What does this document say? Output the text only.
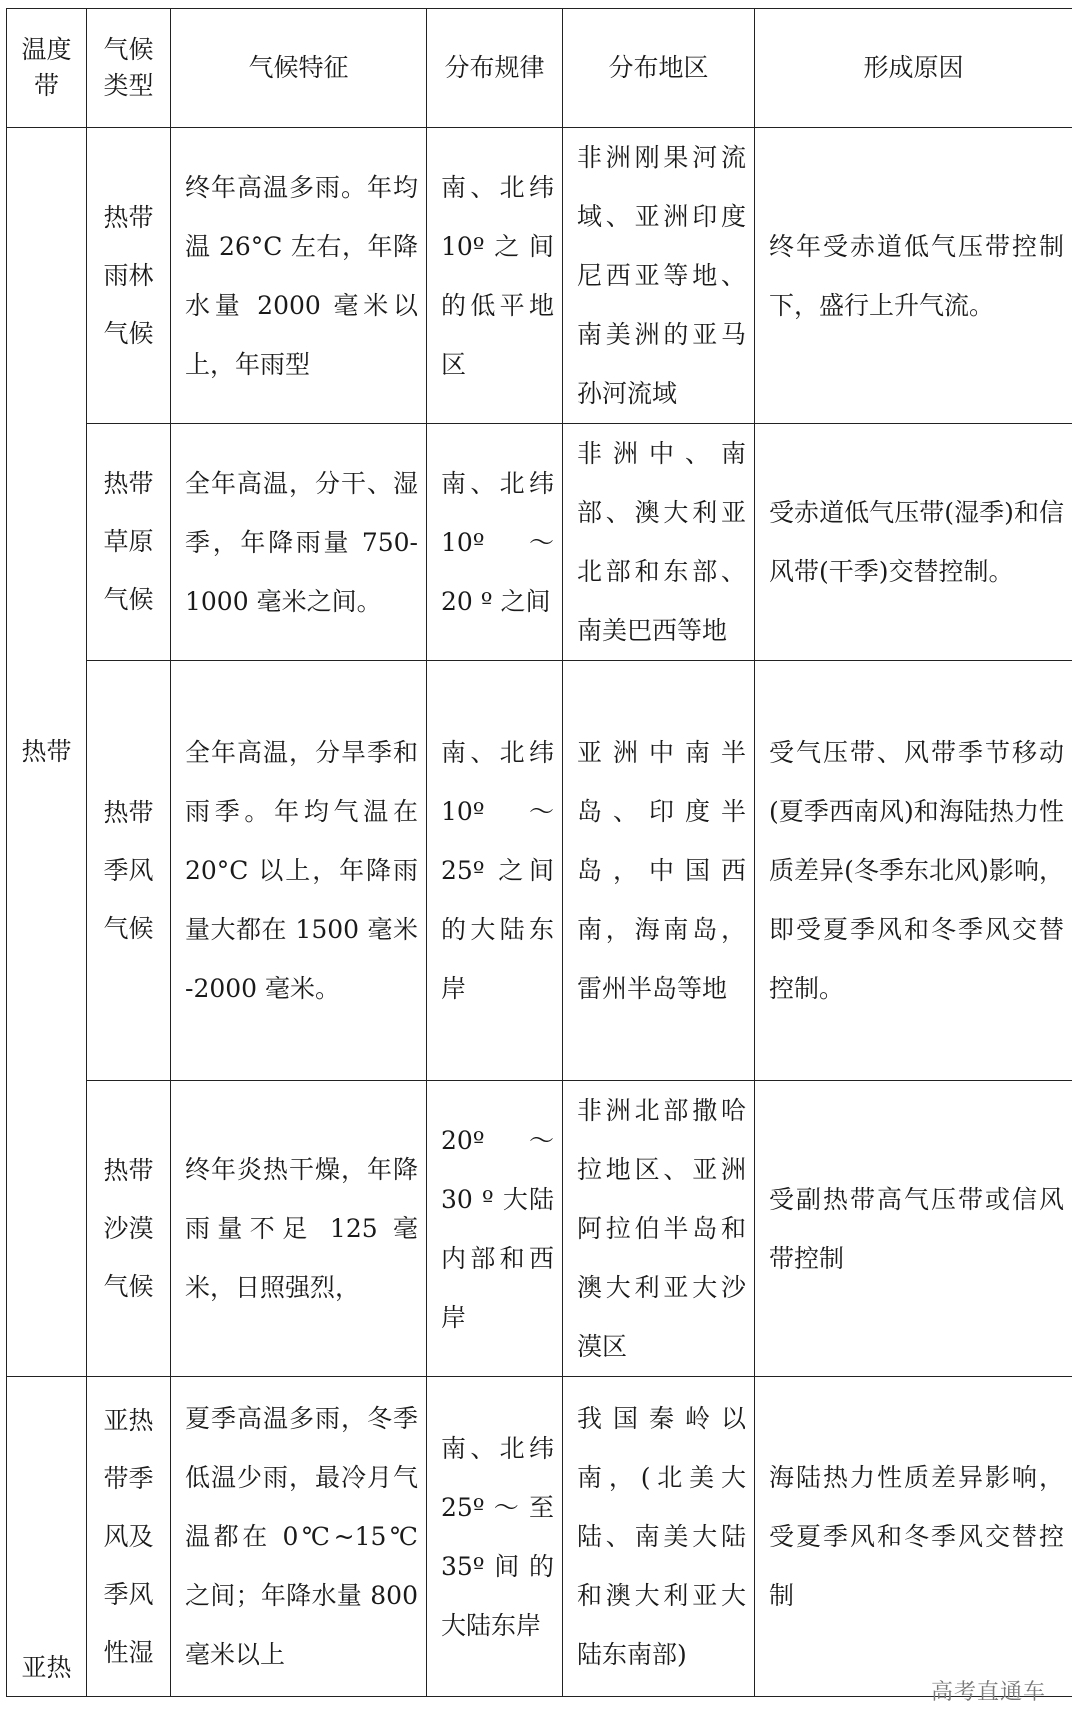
温度带	气候类型	气候特征	分布规律	分布地区	形成原因

热带	热带雨林气候	终年高温多雨。年均温 26°C 左右，年降水量 2000 毫米以上，年雨型	南、北纬 10º之间的低平地区	非洲刚果河流域、亚洲印度尼西亚等地、南美洲的亚马孙河流域	终年受赤道低气压带控制下，盛行上升气流。

	热带草原气候	全年高温，分干、湿季，年降雨量 750-1000 毫米之间。	南、北纬 10º ～ 20 º 之间	非洲中、南部、澳大利亚北部和东部、南美巴西等地	受赤道低气压带(湿季)和信风带(干季)交替控制。

	热带季风气候	全年高温，分旱季和雨季。年均气温在 20°C 以上，年降雨量大都在 1500 毫米 -2000 毫米。	南、北纬 10º ～ 25º 之间的大陆东岸	亚洲中南半岛、印度半岛，中国西南，海南岛，雷州半岛等地	受气压带、风带季节移动(夏季西南风)和海陆热力性质差异(冬季东北风)影响，即受夏季风和冬季风交替控制。

	热带沙漠气候	终年炎热干燥，年降雨量不足 125 毫米，日照强烈，	20º ～ 30 º 大陆内部和西岸	非洲北部撒哈拉地区、亚洲阿拉伯半岛和澳大利亚大沙漠区	受副热带高气压带或信风带控制

亚热	亚热带季风及季风性湿	夏季高温多雨，冬季低温少雨，最冷月气温都在 0℃~15℃ 之间；年降水量 800 毫米以上	南、北纬 25º ～ 至 35º间的大陆东岸	我国秦岭以南，(北美大陆、南美大陆和澳大利亚大陆东南部)	海陆热力性质差异影响，受夏季风和冬季风交替控制
高考直通车
